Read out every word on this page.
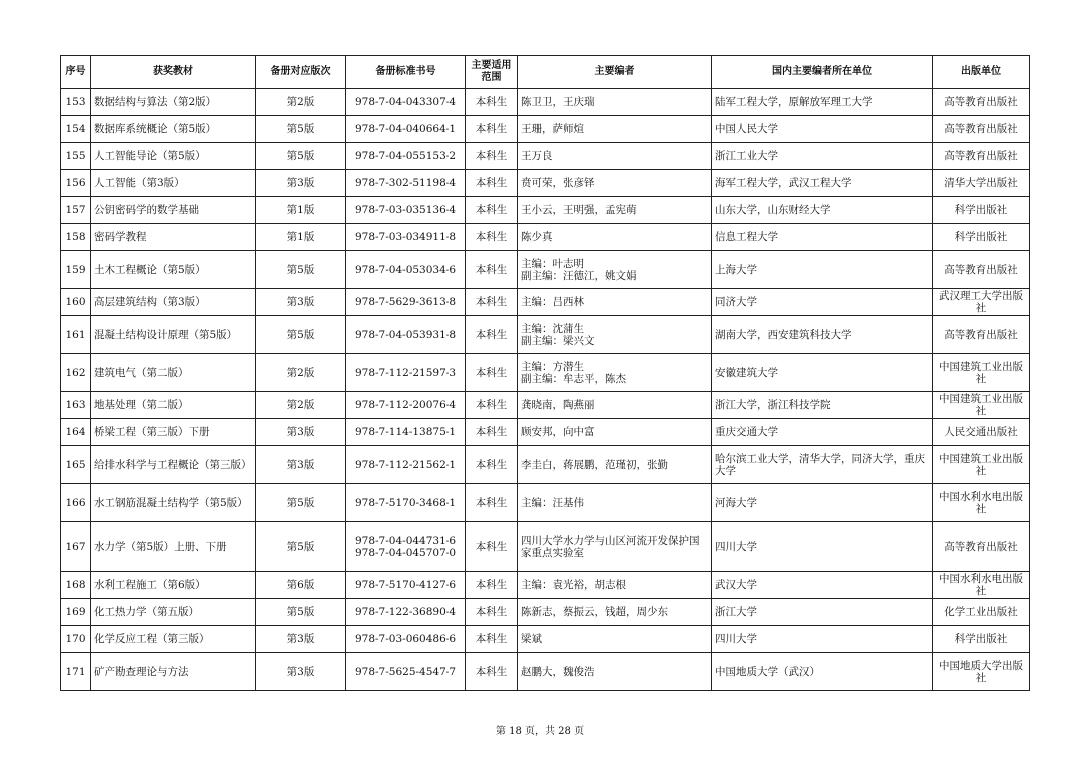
序号	获奖教材	备册对应版次	备册标准书号	主要适用范围	主要编者	国内主要编者所在单位	出版单位
153	数据结构与算法（第2版）	第2版	978-7-04-043307-4	本科生	陈卫卫，王庆瑞	陆军工程大学，原解放军理工大学	高等教育出版社
154	数据库系统概论（第5版）	第5版	978-7-04-040664-1	本科生	王珊，萨师煊	中国人民大学	高等教育出版社
155	人工智能导论（第5版）	第5版	978-7-04-055153-2	本科生	王万良	浙江工业大学	高等教育出版社
156	人工智能（第3版）	第3版	978-7-302-51198-4	本科生	贲可荣，张彦铎	海军工程大学，武汉工程大学	清华大学出版社
157	公钥密码学的数学基础	第1版	978-7-03-035136-4	本科生	王小云，王明强，孟宪萌	山东大学，山东财经大学	科学出版社
158	密码学教程	第1版	978-7-03-034911-8	本科生	陈少真	信息工程大学	科学出版社
159	土木工程概论（第5版）	第5版	978-7-04-053034-6	本科生	主编：叶志明
副主编：汪德江，姚文娟	上海大学	高等教育出版社
160	高层建筑结构（第3版）	第3版	978-7-5629-3613-8	本科生	主编：吕西林	同济大学	武汉理工大学出版社
161	混凝土结构设计原理（第5版）	第5版	978-7-04-053931-8	本科生	主编：沈蒲生
副主编：梁兴文	湖南大学，西安建筑科技大学	高等教育出版社
162	建筑电气（第二版）	第2版	978-7-112-21597-3	本科生	主编：方潜生
副主编：牟志平，陈杰	安徽建筑大学	中国建筑工业出版社
163	地基处理（第二版）	第2版	978-7-112-20076-4	本科生	龚晓南，陶燕丽	浙江大学，浙江科技学院	中国建筑工业出版社
164	桥梁工程（第三版）下册	第3版	978-7-114-13875-1	本科生	顾安邦，向中富	重庆交通大学	人民交通出版社
165	给排水科学与工程概论（第三版）	第3版	978-7-112-21562-1	本科生	李圭白，蒋展鹏，范瑾初，张勤	哈尔滨工业大学，清华大学，同济大学，重庆大学	中国建筑工业出版社
166	水工钢筋混凝土结构学（第5版）	第5版	978-7-5170-3468-1	本科生	主编：汪基伟	河海大学	中国水利水电出版社
167	水力学（第5版）上册、下册	第5版	978-7-04-044731-6
978-7-04-045707-0	本科生	四川大学水力学与山区河流开发保护国家重点实验室	四川大学	高等教育出版社
168	水利工程施工（第6版）	第6版	978-7-5170-4127-6	本科生	主编：袁光裕，胡志根	武汉大学	中国水利水电出版社
169	化工热力学（第五版）	第5版	978-7-122-36890-4	本科生	陈新志，蔡振云，钱超，周少东	浙江大学	化学工业出版社
170	化学反应工程（第三版）	第3版	978-7-03-060486-6	本科生	梁斌	四川大学	科学出版社
171	矿产勘查理论与方法	第3版	978-7-5625-4547-7	本科生	赵鹏大，魏俊浩	中国地质大学（武汉）	中国地质大学出版社
第 18 页，共 28 页
